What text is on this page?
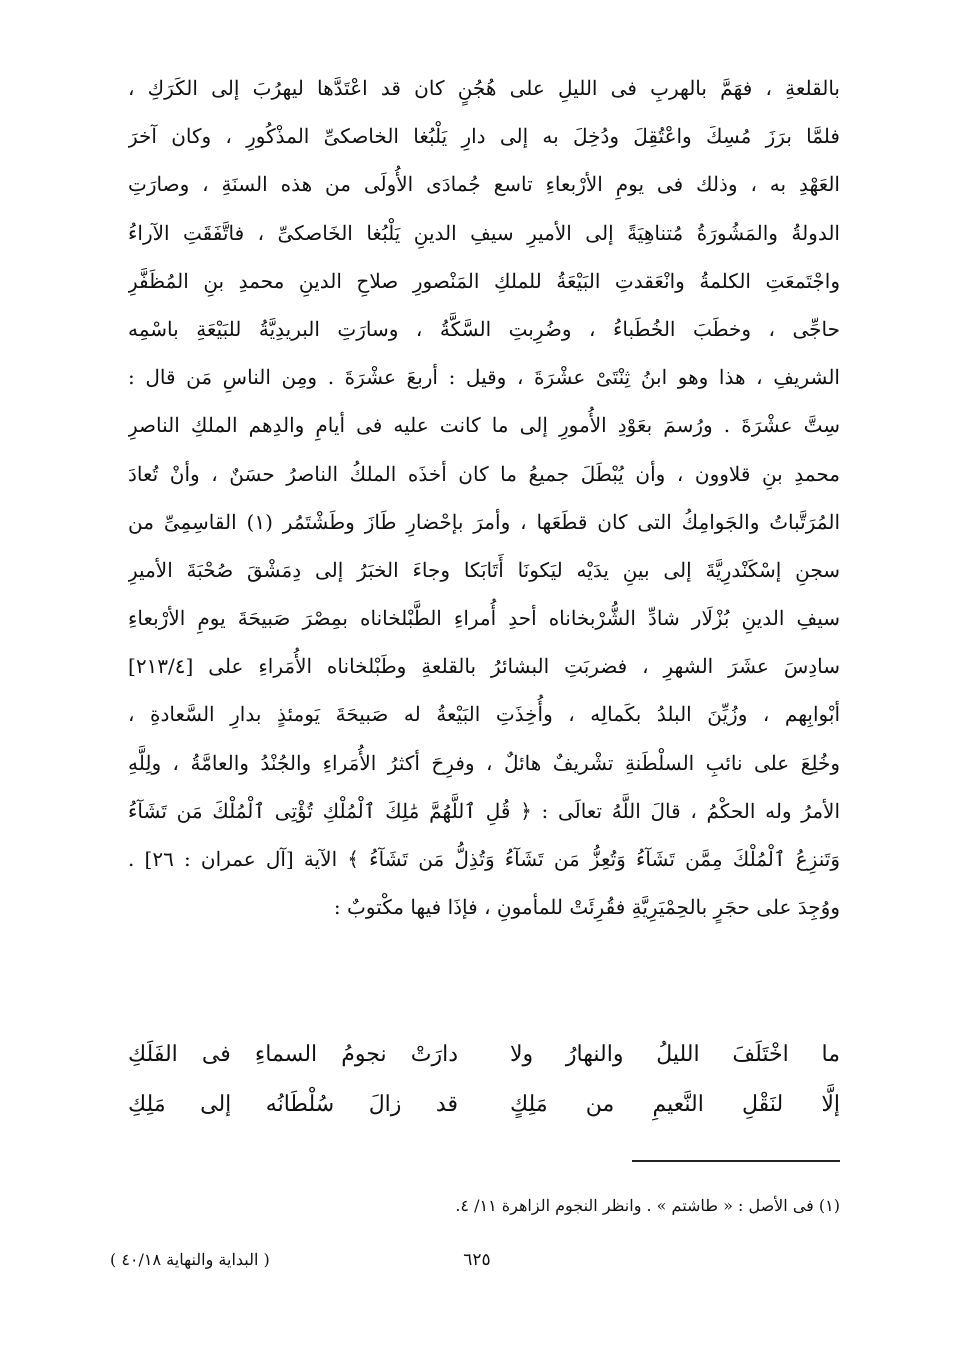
بالقلعةِ ، فهَمَّ بالهربِ فى الليلِ على هُجُنٍ كان قد اعْتَدَّها ليهرُبَ إلى الكَرَكِ ،
فلمَّا برَزَ مُسِكَ واعْتُقِلَ ودُخِلَ به إلى دارِ يَلْبُغا الخاصكىِّ المذْكُورِ ، وكان آخرَ
العَهْدِ به ، وذلك فى يومِ الأرْبعاءِ تاسع جُمادَى الأُولَى من هذه السنَةِ ، وصارَتِ
الدولةُ والمَشُورَةُ مُتناهِيَةً إلى الأميرِ سيفِ الدينِ يَلْبُغا الخَاصكىِّ ، فاتَّفَقَتِ الآراءُ
واجْتَمعَتِ الكلمةُ وانْعَقدتِ البَيْعَةُ للملكِ المَنْصورِ صلاحِ الدينِ محمدِ بنِ المُظَفَّرِ
حاجِّى ، وخطَبَ الخُطَباءُ ، وضُرِبتِ السَّكَّةُ ، وسارَتِ البريدِيَّةُ للبَيْعَةِ باسْمِه
الشريفِ ، هذا وهو ابنُ ثِنْتَىْ عشْرَةَ ، وقيل : أربعَ عشْرَةَ . ومِن الناسِ مَن قال :
سِتَّ عشْرَةَ . ورُسمَ بعَوْدِ الأُمورِ إلى ما كانت عليه فى أيامِ والدِهم الملكِ الناصرِ
محمدِ بنِ قلاوون ، وأن يُبْطَلَ جميعُ ما كان أخذَه الملكُ الناصرُ حسَنٌ ، وأنْ تُعادَ
المُرَتَّباتُ والجَوامِكُ التى كان قطَعَها ، وأمرَ بإحْضارِ طَازَ وطَشْتَمُر (١) القاسِمِىِّ من
سجنِ إسْكَنْدرِيَّةَ إلى بينِ يدَيْه ليَكونَا أَتَابَكا وجاءَ الخبَرُ إلى دِمَشْقَ صُحْبَةَ الأميرِ
سيفِ الدينِ بُزْلَار شادِّ الشُّرْبخاناه أحدِ أُمراءِ الطَّبْلخاناه بمِصْرَ صَبيحَةَ يومِ الأرْبعاءِ
سادِسَ عشَرَ الشهرِ ، فضربَتِ البشائرُ بالقلعةِ وطَبْلخاناه الأُمَراءِ على [٢١٣/٤]
أبْوابِهم ، وزُيِّنَ البلدُ بكَمالِه ، وأُخِذَتِ البَيْعةُ له صَبيحَةَ يَومئذٍ بدارِ السَّعادةِ ،
وخُلِعَ على نائبِ السلْطَنةِ تشْريفٌ هائلٌ ، وفرِحَ أكثرُ الأُمَراءِ والجُنْدُ والعامَّةُ ، ولِلَّهِ
الأمرُ وله الحكْمُ ، قالَ اللَّهُ تعالَى : ﴿ قُلِ ٱللَّهُمَّ مَٰلِكَ ٱلْمُلْكِ تُؤْتِى ٱلْمُلْكَ مَن تَشَآءُ
وَتَنزِعُ ٱلْمُلْكَ مِمَّن تَشَآءُ وَتُعِزُّ مَن تَشَآءُ وَتُذِلُّ مَن تَشَآءُ ﴾ الآية [آل عمران : ٢٦] .
ووُجِدَ على حجَرٍ بالحِمْيَرِيَّةِ فقُرِئَتْ للمأمونِ ، فإذَا فيها مكْتوبٌ :
ما اخْتَلَفَ الليلُ والنهارُ ولا
دارَتْ نجومُ السماءِ فى الفَلَكِ
إلَّا لنَقْلِ النَّعيمِ من مَلِكٍ
قد زالَ سُلْطَانُه إلى مَلِكِ
(١) فى الأصل : « طاشتم » . وانظر النجوم الزاهرة ١١/ ٤.
٦٢٥
( البداية والنهاية ٤٠/١٨ )
